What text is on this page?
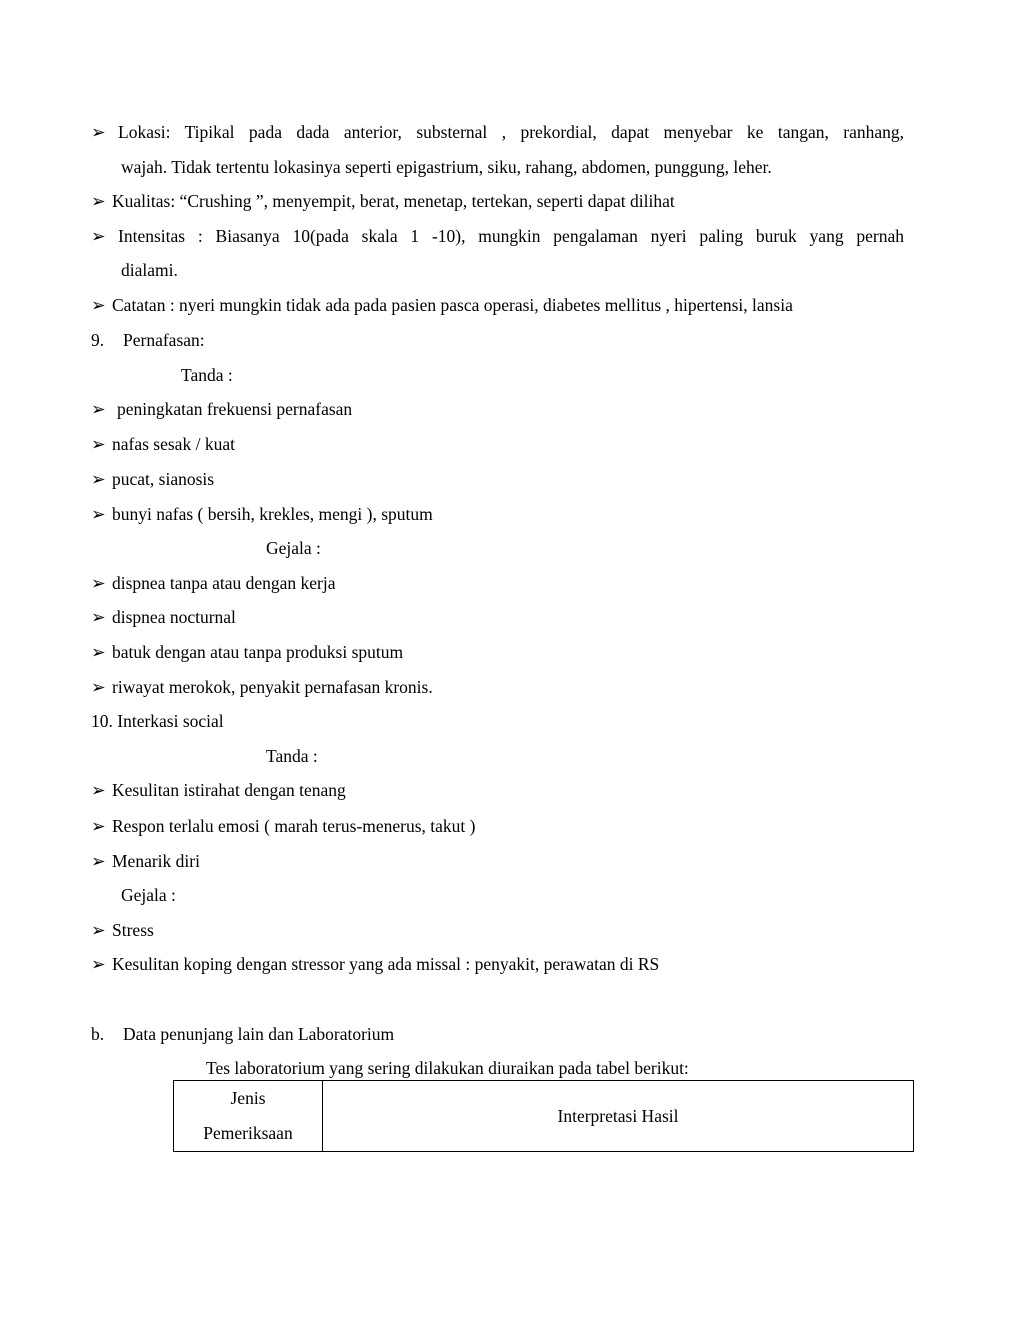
➢ Lokasi: Tipikal pada dada anterior, substernal , prekordial, dapat menyebar ke tangan, ranhang,
wajah. Tidak tertentu lokasinya seperti epigastrium, siku, rahang, abdomen, punggung, leher.
➢ Kualitas: “Crushing ”, menyempit, berat, menetap, tertekan, seperti dapat dilihat
➢ Intensitas : Biasanya 10(pada skala 1 -10), mungkin pengalaman nyeri paling buruk yang pernah
dialami.
➢ Catatan : nyeri mungkin tidak ada pada pasien pasca operasi, diabetes mellitus , hipertensi, lansia
9. Pernafasan:
Tanda :
➢ peningkatan frekuensi pernafasan
➢ nafas sesak / kuat
➢ pucat, sianosis
➢ bunyi nafas ( bersih, krekles, mengi ), sputum
Gejala :
➢ dispnea tanpa atau dengan kerja
➢ dispnea nocturnal
➢ batuk dengan atau tanpa produksi sputum
➢ riwayat merokok, penyakit pernafasan kronis.
10. Interkasi social
Tanda :
➢ Kesulitan istirahat dengan tenang
➢ Respon terlalu emosi ( marah terus-menerus, takut )
➢ Menarik diri
Gejala :
➢ Stress
➢ Kesulitan koping dengan stressor yang ada missal : penyakit, perawatan di RS
b. Data penunjang lain dan Laboratorium
Tes laboratorium yang sering dilakukan diuraikan pada tabel berikut:
Jenis
Pemeriksaan
	Interpretasi Hasil
